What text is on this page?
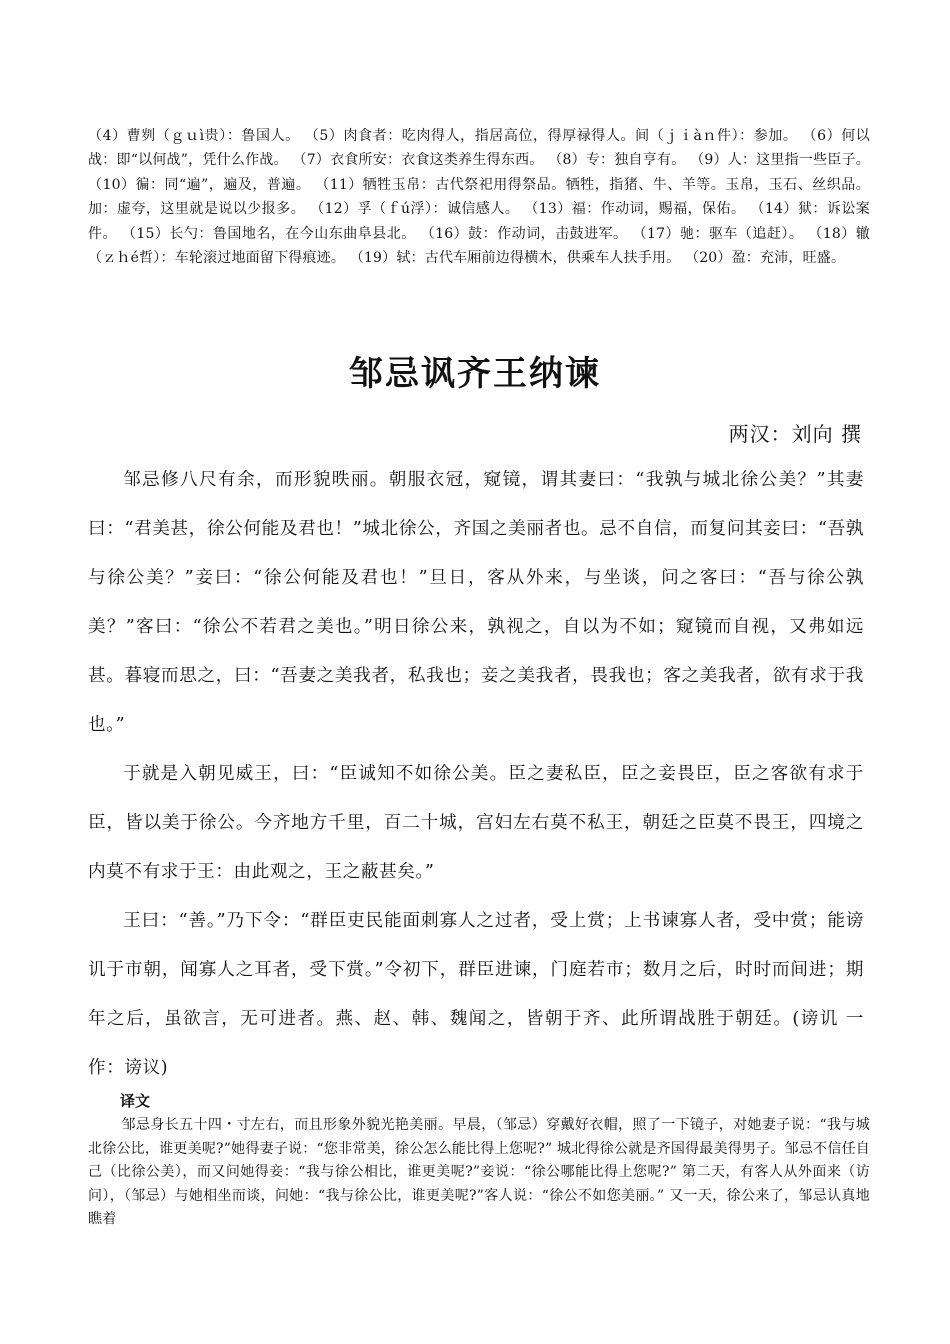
（4）曹刿（ｇｕì贵）：鲁国人。 （5）肉食者：吃肉得人，指居高位，得厚禄得人。间（ｊｉàｎ件）：参加。 （6）何以战：即“以何战”，凭什么作战。 （7）衣食所安：衣食这类养生得东西。 （8）专：独自亨有。 （9）人：这里指一些臣子。 （10）徧：同“遍”，遍及，普遍。 （11）牺牲玉帛：古代祭祀用得祭品。牺牲，指猪、牛、羊等。玉帛，玉石、丝织品。加：虚夸，这里就是说以少报多。 （12）孚（ｆú浮）：诚信感人。 （13）福：作动词，赐福，保佑。 （14）狱：诉讼案件。 （15）长勺：鲁国地名，在今山东曲阜县北。 （16）鼓：作动词，击鼓进军。 （17）驰：驱车（追赶）。 （18）辙（ｚｈé哲）：车轮滚过地面留下得痕迹。 （19）轼：古代车厢前边得横木，供乘车人扶手用。 （20）盈：充沛，旺盛。
邹忌讽齐王纳谏
两汉：刘向 撰

邹忌修八尺有余，而形貌昳丽。朝服衣冠，窥镜，谓其妻曰：“我孰与城北徐公美？”其妻曰：“君美甚，徐公何能及君也！”城北徐公，齐国之美丽者也。忌不自信，而复问其妾曰：“吾孰与徐公美？”妾曰：“徐公何能及君也！”旦日，客从外来，与坐谈，问之客曰：“吾与徐公孰美？”客曰：“徐公不若君之美也。”明日徐公来，孰视之，自以为不如；窥镜而自视，又弗如远甚。暮寝而思之，曰：“吾妻之美我者，私我也；妾之美我者，畏我也；客之美我者，欲有求于我也。”

于就是入朝见威王，曰：“臣诚知不如徐公美。臣之妻私臣，臣之妾畏臣，臣之客欲有求于臣，皆以美于徐公。今齐地方千里，百二十城，宫妇左右莫不私王，朝廷之臣莫不畏王，四境之内莫不有求于王：由此观之，王之蔽甚矣。”

王曰：“善。”乃下令：“群臣吏民能面刺寡人之过者，受上赏；上书谏寡人者，受中赏；能谤讥于市朝，闻寡人之耳者，受下赏。”令初下，群臣进谏，门庭若市；数月之后，时时而间进；期年之后，虽欲言，无可进者。燕、赵、韩、魏闻之，皆朝于齐、此所谓战胜于朝廷。(谤讥 一作：谤议)

译文
邹忌身长五十四・寸左右，而且形象外貌光艳美丽。早晨，（邹忌）穿戴好衣帽，照了一下镜子，对她妻子说：“我与城北徐公比，谁更美呢?”她得妻子说：“您非常美，徐公怎么能比得上您呢?” 城北得徐公就是齐国得最美得男子。邹忌不信任自己（比徐公美），而又问她得妾：“我与徐公相比，谁更美呢?”妾说：“徐公哪能比得上您呢?” 第二天，有客人从外面来（访问），（邹忌）与她相坐而谈，问她：“我与徐公比，谁更美呢?”客人说：“徐公不如您美丽。” 又一天，徐公来了，邹忌认真地瞧着
